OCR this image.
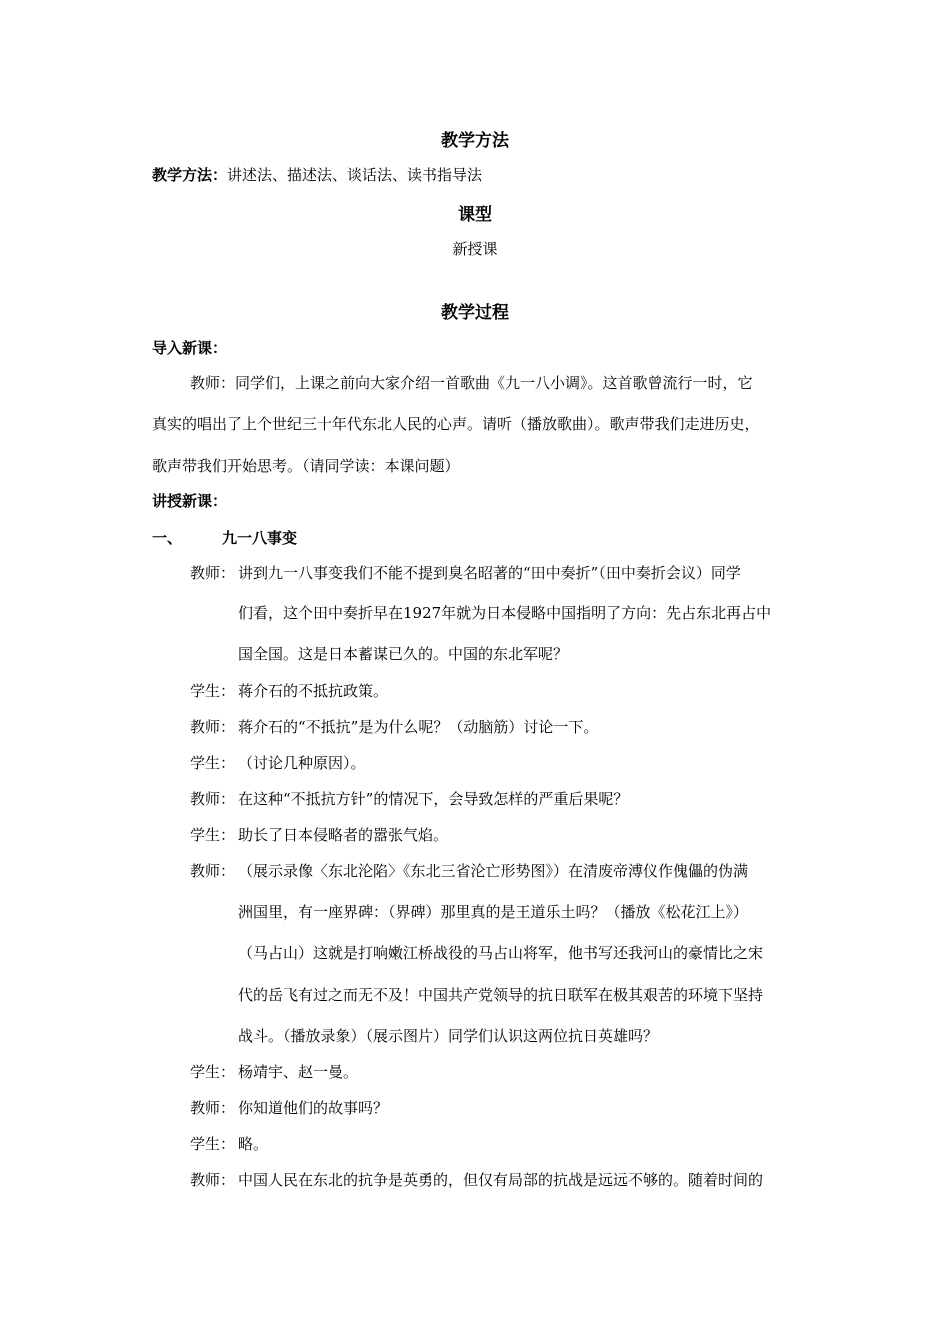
教学方法
教学方法：讲述法、描述法、谈话法、读书指导法
课型
新授课
教学过程
导入新课：
教师：同学们，上课之前向大家介绍一首歌曲《九一八小调》。这首歌曾流行一时，它
真实的唱出了上个世纪三十年代东北人民的心声。请听（播放歌曲）。歌声带我们走进历史，
歌声带我们开始思考。（请同学读：本课问题）
讲授新课：
一、	九一八事变
教师： 讲到九一八事变我们不能不提到臭名昭著的“田中奏折”（田中奏折会议）同学
们看，这个田中奏折早在1927年就为日本侵略中国指明了方向：先占东北再占中
国全国。这是日本蓄谋已久的。中国的东北军呢？
学生： 蒋介石的不抵抗政策。
教师： 蒋介石的“不抵抗”是为什么呢？（动脑筋）讨论一下。
学生： （讨论几种原因）。
教师： 在这种“不抵抗方针”的情况下，会导致怎样的严重后果呢？
学生： 助长了日本侵略者的嚣张气焰。
教师： （展示录像〈东北沦陷〉《东北三省沦亡形势图》）在清废帝溥仪作傀儡的伪满
洲国里，有一座界碑：（界碑）那里真的是王道乐土吗？（播放《松花江上》）
（马占山）这就是打响嫩江桥战役的马占山将军，他书写还我河山的豪情比之宋
代的岳飞有过之而无不及！中国共产党领导的抗日联军在极其艰苦的环境下坚持
战斗。（播放录象）（展示图片）同学们认识这两位抗日英雄吗？
学生： 杨靖宇、赵一曼。
教师： 你知道他们的故事吗？
学生： 略。
教师： 中国人民在东北的抗争是英勇的，但仅有局部的抗战是远远不够的。随着时间的
